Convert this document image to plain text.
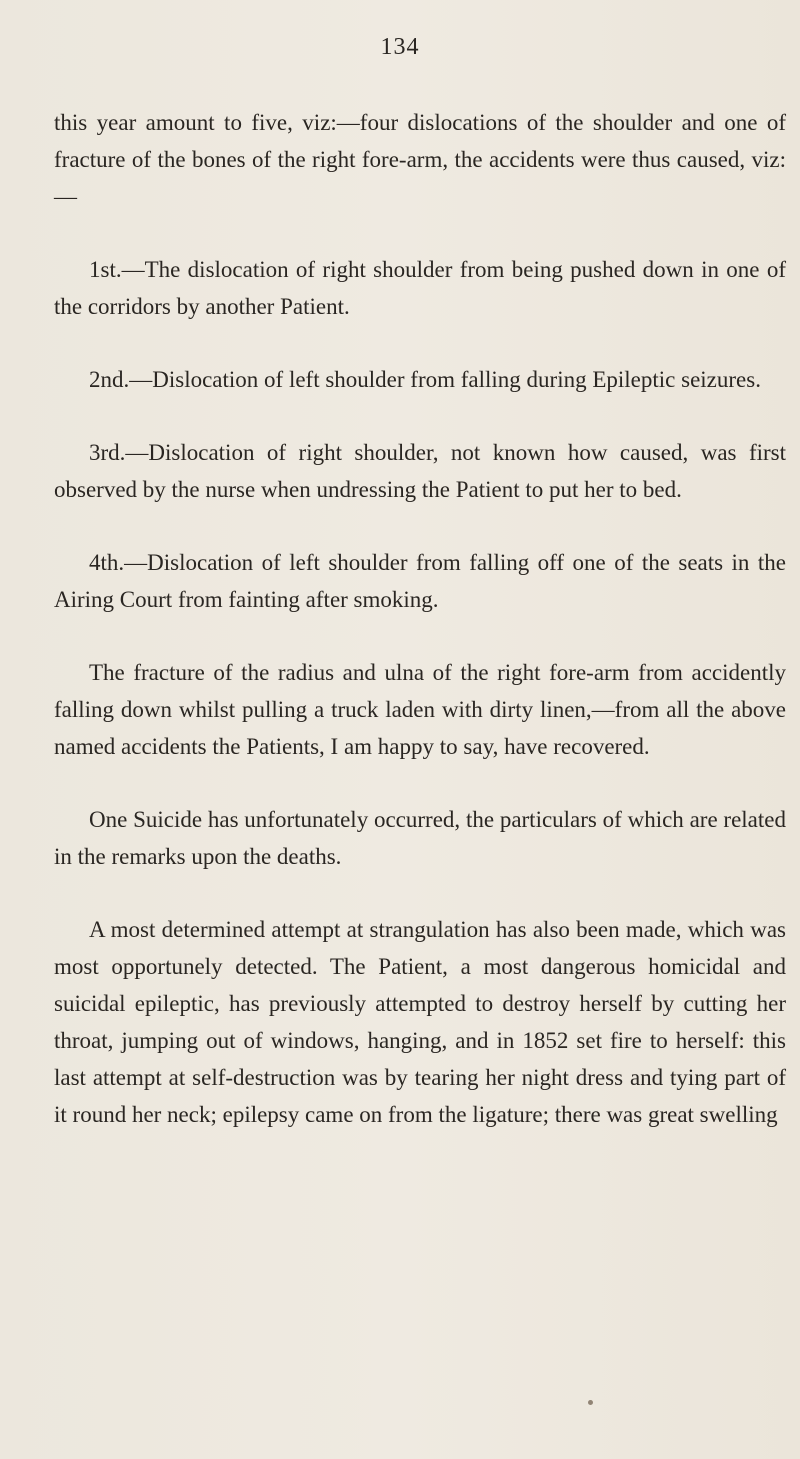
134

this year amount to five, viz:—four dislocations of the shoulder and one of fracture of the bones of the right fore-arm, the accidents were thus caused, viz:—

1st.—The dislocation of right shoulder from being pushed down in one of the corridors by another Patient.

2nd.—Dislocation of left shoulder from falling during Epileptic seizures.

3rd.—Dislocation of right shoulder, not known how caused, was first observed by the nurse when undressing the Patient to put her to bed.

4th.—Dislocation of left shoulder from falling off one of the seats in the Airing Court from fainting after smoking.

The fracture of the radius and ulna of the right fore-arm from accidently falling down whilst pulling a truck laden with dirty linen,—from all the above named accidents the Patients, I am happy to say, have recovered.

One Suicide has unfortunately occurred, the particulars of which are related in the remarks upon the deaths.

A most determined attempt at strangulation has also been made, which was most opportunely detected. The Patient, a most dangerous homicidal and suicidal epileptic, has previously attempted to destroy herself by cutting her throat, jumping out of windows, hanging, and in 1852 set fire to herself: this last attempt at self-destruction was by tearing her night dress and tying part of it round her neck; epilepsy came on from the ligature; there was great swelling
